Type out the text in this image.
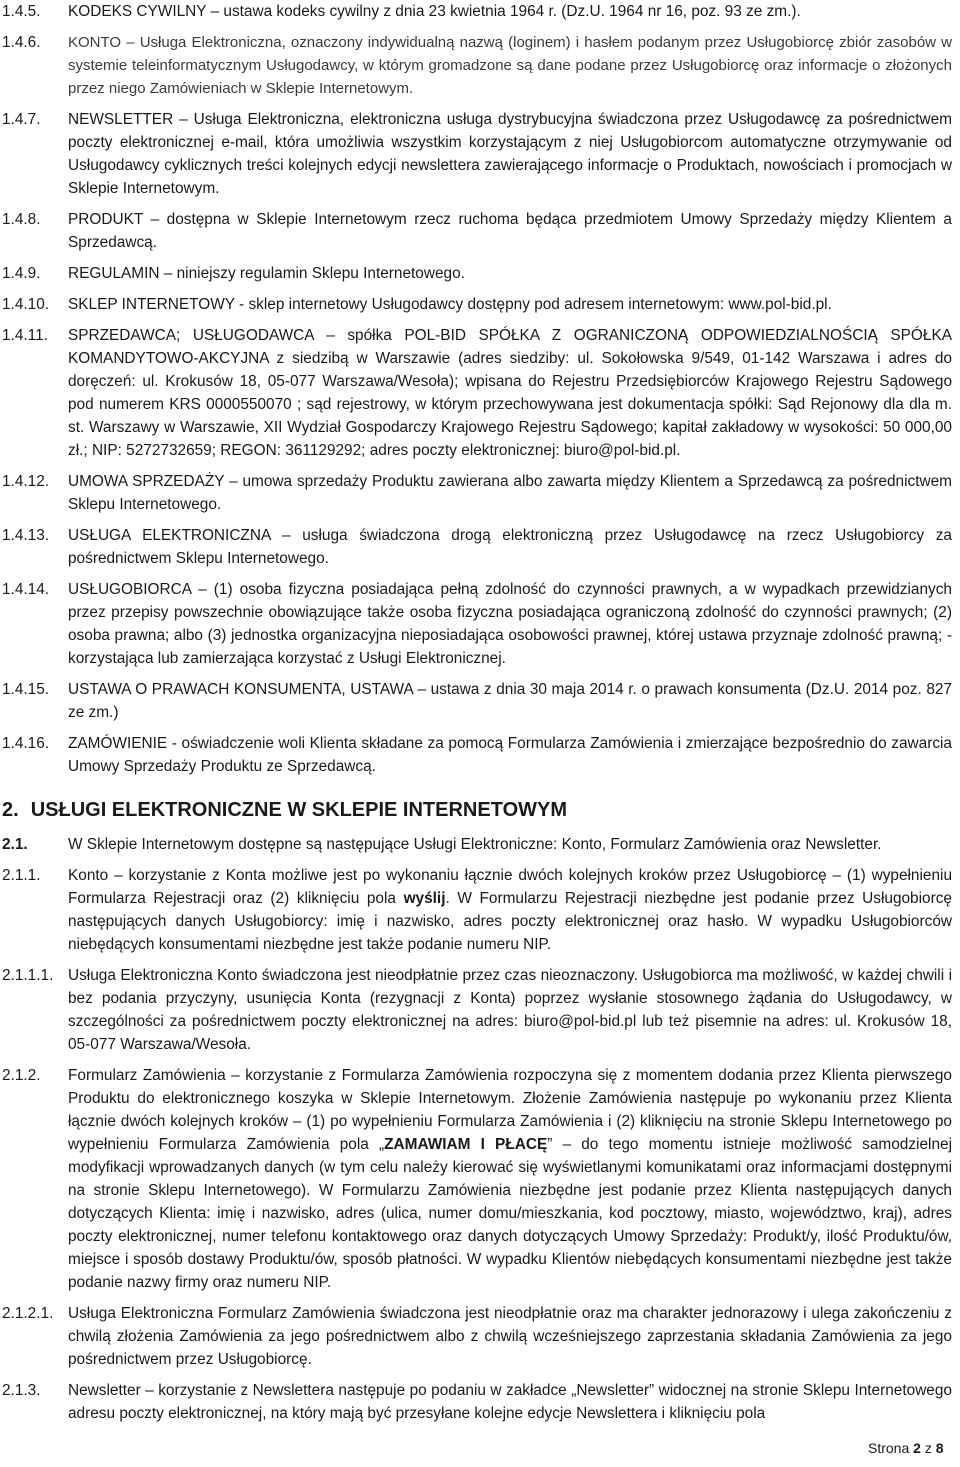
1.4.5.	KODEKS CYWILNY – ustawa kodeks cywilny z dnia 23 kwietnia 1964 r. (Dz.U. 1964 nr 16, poz. 93 ze zm.).
1.4.6.	KONTO – Usługa Elektroniczna, oznaczony indywidualną nazwą (loginem) i hasłem podanym przez Usługobiorcę zbiór zasobów w systemie teleinformatycznym Usługodawcy, w którym gromadzone są dane podane przez Usługobiorcę oraz informacje o złożonych przez niego Zamówieniach w Sklepie Internetowym.
1.4.7.	NEWSLETTER – Usługa Elektroniczna, elektroniczna usługa dystrybucyjna świadczona przez Usługodawcę za pośrednictwem poczty elektronicznej e-mail, która umożliwia wszystkim korzystającym z niej Usługobiorcom automatyczne otrzymywanie od Usługodawcy cyklicznych treści kolejnych edycji newslettera zawierającego informacje o Produktach, nowościach i promocjach w Sklepie Internetowym.
1.4.8.	PRODUKT – dostępna w Sklepie Internetowym rzecz ruchoma będąca przedmiotem Umowy Sprzedaży między Klientem a Sprzedawcą.
1.4.9.	REGULAMIN – niniejszy regulamin Sklepu Internetowego.
1.4.10.	SKLEP INTERNETOWY - sklep internetowy Usługodawcy dostępny pod adresem internetowym: www.pol-bid.pl.
1.4.11.	SPRZEDAWCA; USŁUGODAWCA – spółka POL-BID SPÓŁKA Z OGRANICZONĄ ODPOWIEDZIALNOŚCIĄ SPÓŁKA KOMANDYTOWO-AKCYJNA z siedzibą w Warszawie (adres siedziby: ul. Sokołowska 9/549, 01-142 Warszawa i adres do doręczeń: ul. Krokusów 18, 05-077 Warszawa/Wesoła); wpisana do Rejestru Przedsiębiorców Krajowego Rejestru Sądowego pod numerem KRS 0000550070 ; sąd rejestrowy, w którym przechowywana jest dokumentacja spółki: Sąd Rejonowy dla dla m. st. Warszawy w Warszawie, XII Wydział Gospodarczy Krajowego Rejestru Sądowego; kapitał zakładowy w wysokości: 50 000,00 zł.; NIP: 5272732659; REGON: 361129292; adres poczty elektronicznej: biuro@pol-bid.pl.
1.4.12.	UMOWA SPRZEDAŻY – umowa sprzedaży Produktu zawierana albo zawarta między Klientem a Sprzedawcą za pośrednictwem Sklepu Internetowego.
1.4.13.	USŁUGA ELEKTRONICZNA – usługa świadczona drogą elektroniczną przez Usługodawcę na rzecz Usługobiorcy za pośrednictwem Sklepu Internetowego.
1.4.14.	USŁUGOBIORCA – (1) osoba fizyczna posiadająca pełną zdolność do czynności prawnych, a w wypadkach przewidzianych przez przepisy powszechnie obowiązujące także osoba fizyczna posiadająca ograniczoną zdolność do czynności prawnych; (2) osoba prawna; albo (3) jednostka organizacyjna nieposiadająca osobowości prawnej, której ustawa przyznaje zdolność prawną; - korzystająca lub zamierzająca korzystać z Usługi Elektronicznej.
1.4.15.	USTAWA O PRAWACH KONSUMENTA, USTAWA – ustawa z dnia 30 maja 2014 r. o prawach konsumenta (Dz.U. 2014 poz. 827 ze zm.)
1.4.16.	ZAMÓWIENIE - oświadczenie woli Klienta składane za pomocą Formularza Zamówienia i zmierzające bezpośrednio do zawarcia Umowy Sprzedaży Produktu ze Sprzedawcą.
2. USŁUGI ELEKTRONICZNE W SKLEPIE INTERNETOWYM
2.1.	W Sklepie Internetowym dostępne są następujące Usługi Elektroniczne: Konto, Formularz Zamówienia oraz Newsletter.
2.1.1.	Konto – korzystanie z Konta możliwe jest po wykonaniu łącznie dwóch kolejnych kroków przez Usługobiorcę – (1) wypełnieniu Formularza Rejestracji oraz (2) kliknięciu pola wyślij. W Formularzu Rejestracji niezbędne jest podanie przez Usługobiorcę następujących danych Usługobiorcy: imię i nazwisko, adres poczty elektronicznej oraz hasło. W wypadku Usługobiorców niebędących konsumentami niezbędne jest także podanie numeru NIP.
2.1.1.1. Usługa Elektroniczna Konto świadczona jest nieodpłatnie przez czas nieoznaczony. Usługobiorca ma możliwość, w każdej chwili i bez podania przyczyny, usunięcia Konta (rezygnacji z Konta) poprzez wysłanie stosownego żądania do Usługodawcy, w szczególności za pośrednictwem poczty elektronicznej na adres: biuro@pol-bid.pl lub też pisemnie na adres: ul. Krokusów 18, 05-077 Warszawa/Wesoła.
2.1.2.	Formularz Zamówienia – korzystanie z Formularza Zamówienia rozpoczyna się z momentem dodania przez Klienta pierwszego Produktu do elektronicznego koszyka w Sklepie Internetowym. Złożenie Zamówienia następuje po wykonaniu przez Klienta łącznie dwóch kolejnych kroków – (1) po wypełnieniu Formularza Zamówienia i (2) kliknięciu na stronie Sklepu Internetowego po wypełnieniu Formularza Zamówienia pola „ZAMAWIAM I PŁACĘ” – do tego momentu istnieje możliwość samodzielnej modyfikacji wprowadzanych danych (w tym celu należy kierować się wyświetlanymi komunikatami oraz informacjami dostępnymi na stronie Sklepu Internetowego). W Formularzu Zamówienia niezbędne jest podanie przez Klienta następujących danych dotyczących Klienta: imię i nazwisko, adres (ulica, numer domu/mieszkania, kod pocztowy, miasto, województwo, kraj), adres poczty elektronicznej, numer telefonu kontaktowego oraz danych dotyczących Umowy Sprzedaży: Produkt/y, ilość Produktu/ów, miejsce i sposób dostawy Produktu/ów, sposób płatności. W wypadku Klientów niebędących konsumentami niezbędne jest także podanie nazwy firmy oraz numeru NIP.
2.1.2.1. Usługa Elektroniczna Formularz Zamówienia świadczona jest nieodpłatnie oraz ma charakter jednorazowy i ulega zakończeniu z chwilą złożenia Zamówienia za jego pośrednictwem albo z chwilą wcześniejszego zaprzestania składania Zamówienia za jego pośrednictwem przez Usługobiorcę.
2.1.3.	Newsletter – korzystanie z Newslettera następuje po podaniu w zakładce „Newsletter” widocznej na stronie Sklepu Internetowego adresu poczty elektronicznej, na który mają być przesyłane kolejne edycje Newslettera i kliknięciu pola
Strona 2 z 8
